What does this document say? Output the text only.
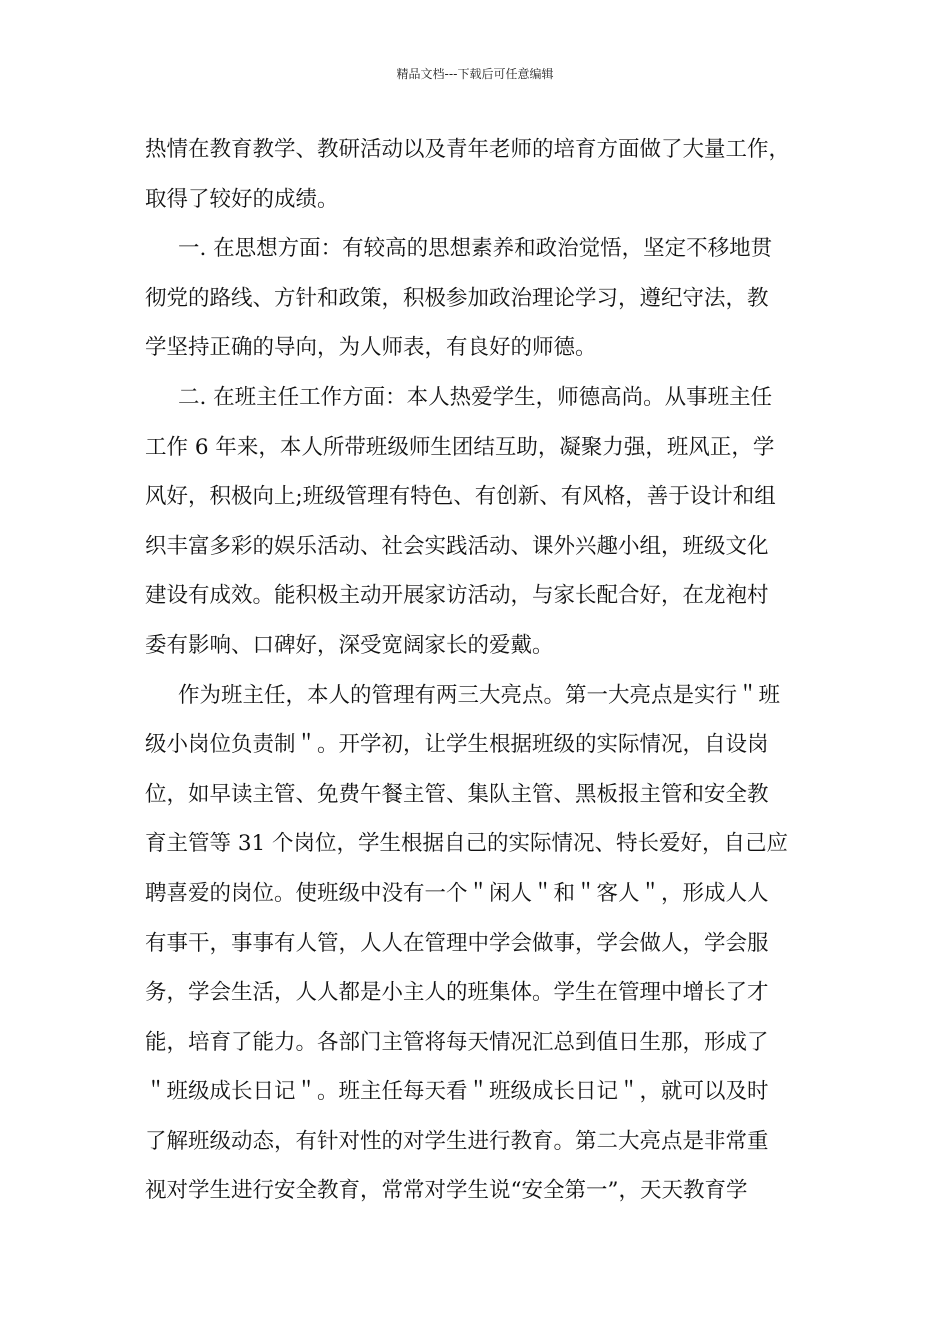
精品文档---下载后可任意编辑
热情在教育教学、教研活动以及青年老师的培育方面做了大量工作，
取得了较好的成绩。
一. 在思想方面：有较高的思想素养和政治觉悟，坚定不移地贯
彻党的路线、方针和政策，积极参加政治理论学习，遵纪守法，教
学坚持正确的导向，为人师表，有良好的师德。
二. 在班主任工作方面：本人热爱学生，师德高尚。从事班主任
工作 6 年来，本人所带班级师生团结互助，凝聚力强，班风正，学
风好，积极向上;班级管理有特色、有创新、有风格，善于设计和组
织丰富多彩的娱乐活动、社会实践活动、课外兴趣小组，班级文化
建设有成效。能积极主动开展家访活动，与家长配合好，在龙袍村
委有影响、口碑好，深受宽阔家长的爱戴。
作为班主任，本人的管理有两三大亮点。第一大亮点是实行＂班
级小岗位负责制＂。开学初，让学生根据班级的实际情况，自设岗
位，如早读主管、免费午餐主管、集队主管、黑板报主管和安全教
育主管等 31 个岗位，学生根据自己的实际情况、特长爱好，自己应
聘喜爱的岗位。使班级中没有一个＂闲人＂和＂客人＂，形成人人
有事干，事事有人管，人人在管理中学会做事，学会做人，学会服
务，学会生活，人人都是小主人的班集体。学生在管理中增长了才
能，培育了能力。各部门主管将每天情况汇总到值日生那，形成了
＂班级成长日记＂。班主任每天看＂班级成长日记＂，就可以及时
了解班级动态，有针对性的对学生进行教育。第二大亮点是非常重
视对学生进行安全教育，常常对学生说“安全第一”，天天教育学
